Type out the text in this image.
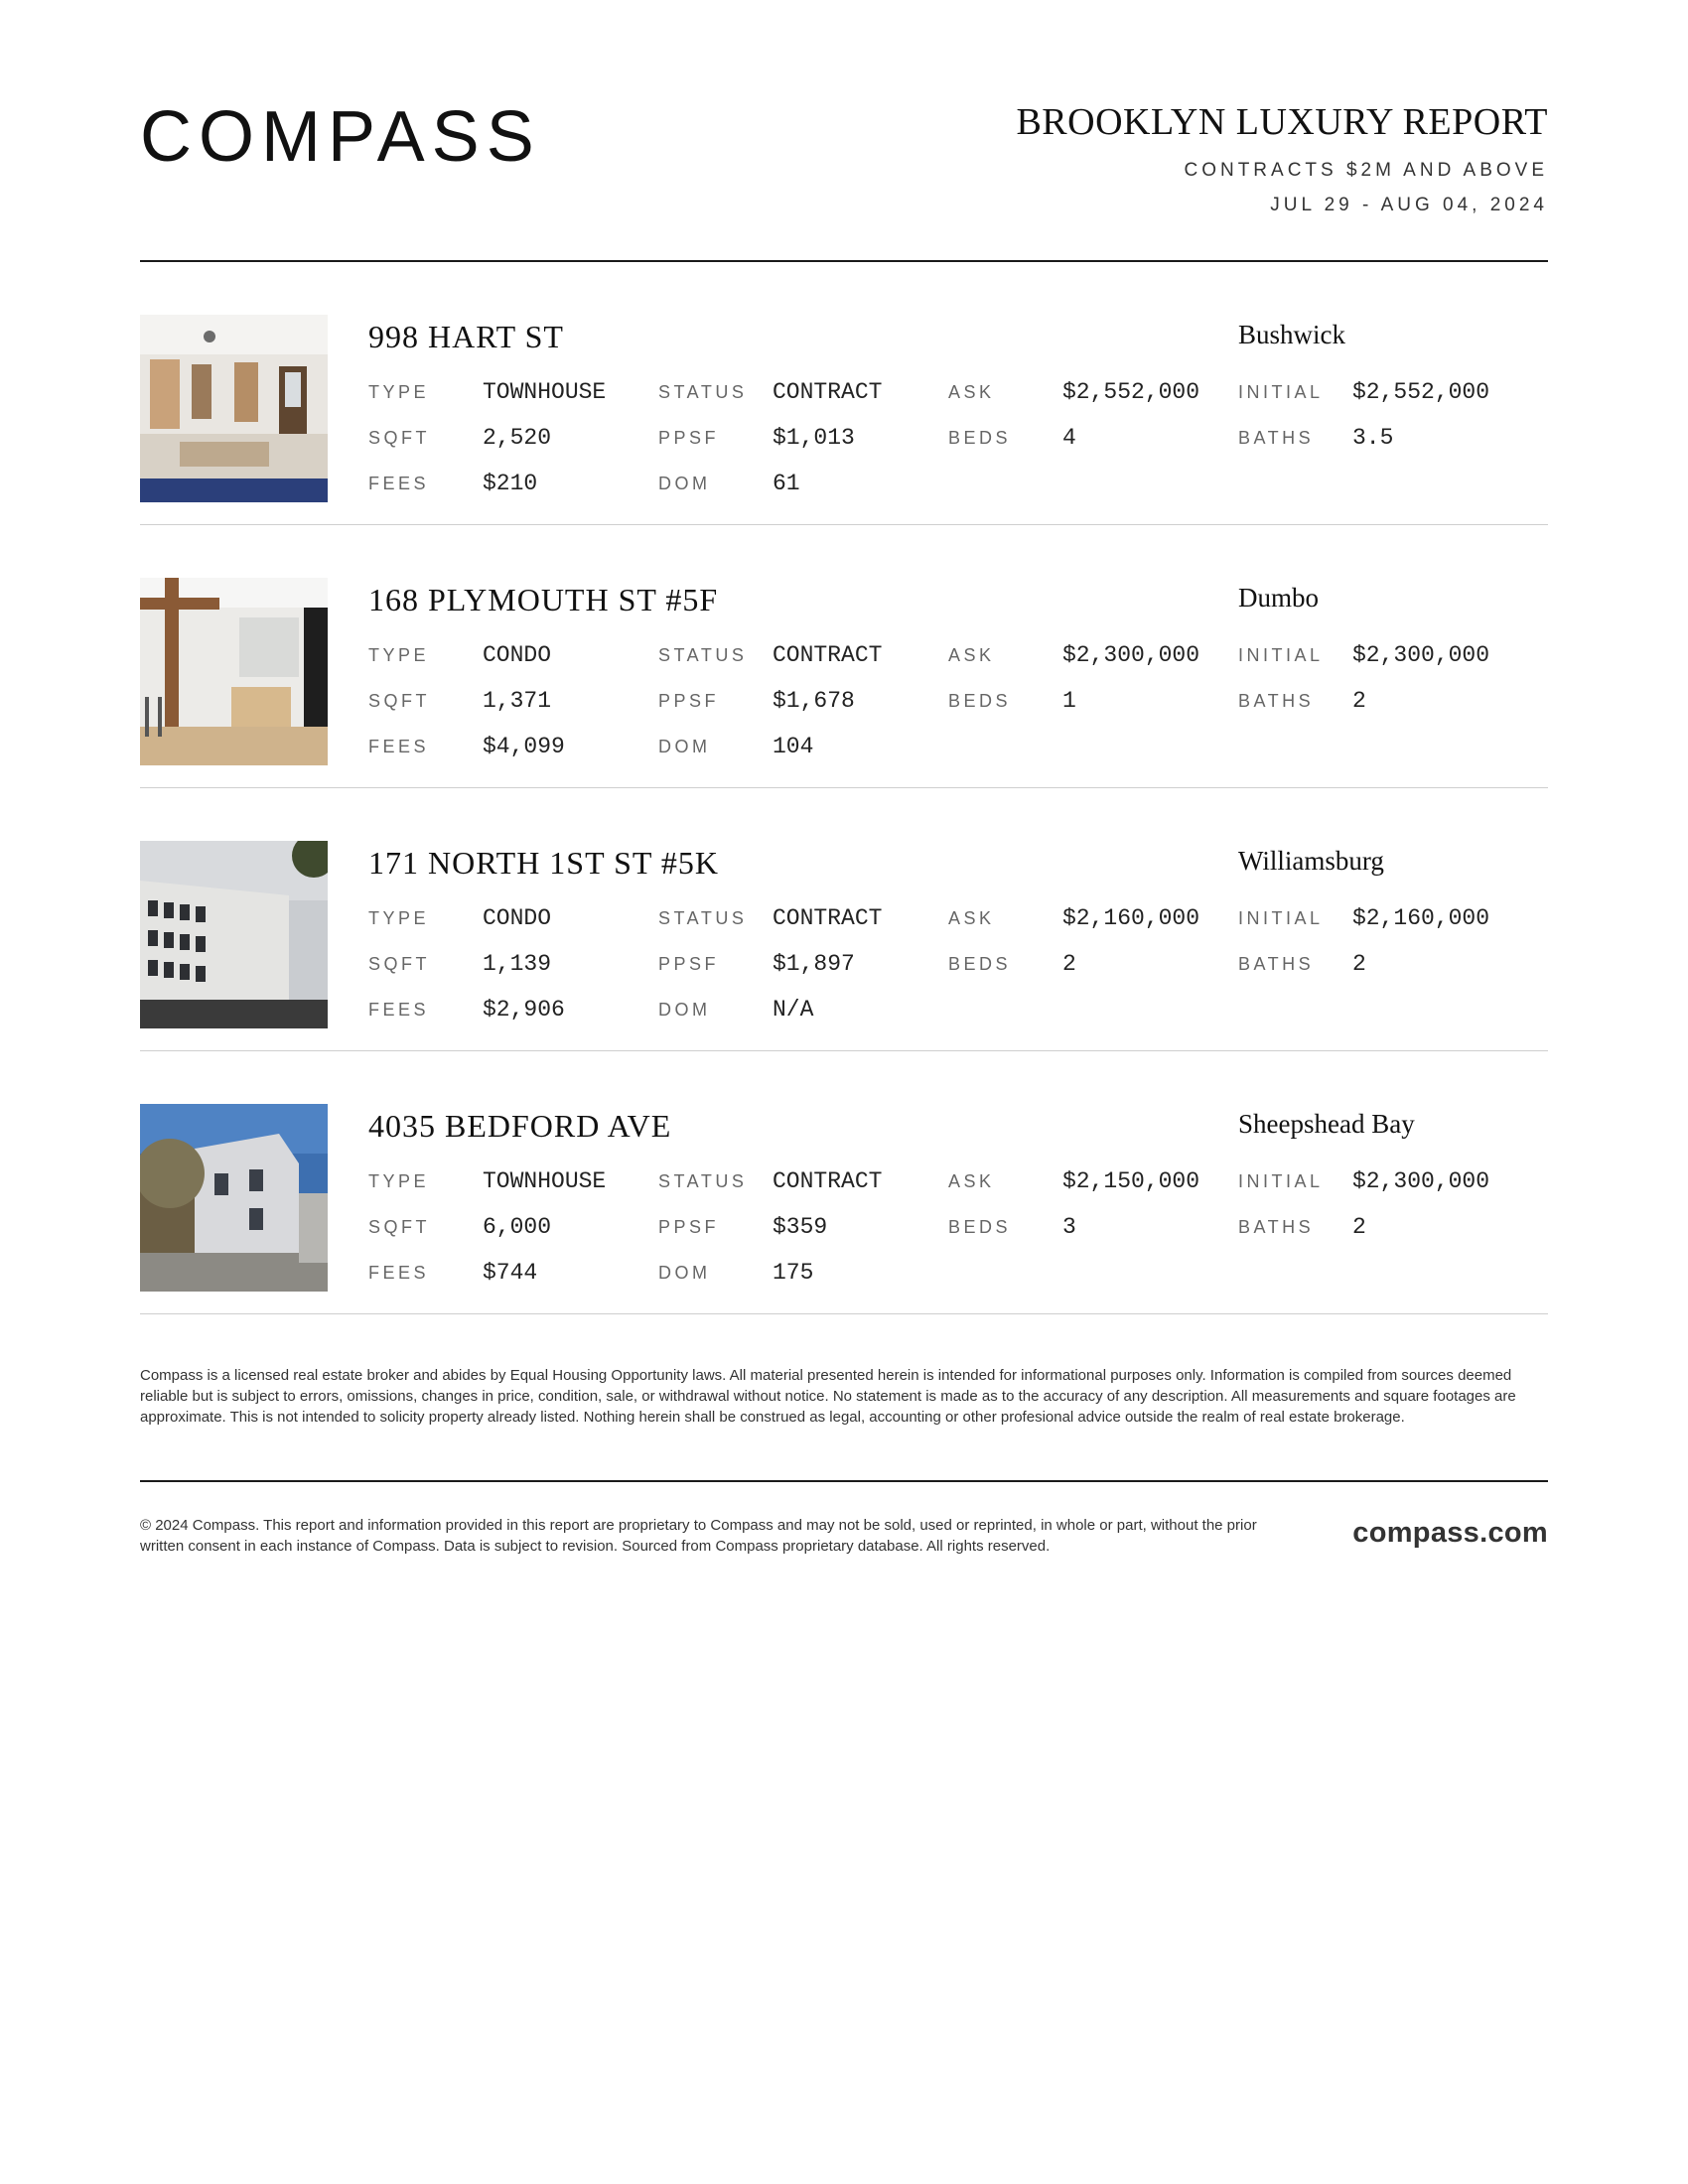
COMPASS	BROOKLYN LUXURY REPORT
CONTRACTS $2M AND ABOVE
JUL 29 - AUG 04, 2024
998 HART ST	Bushwick
TYPE TOWNHOUSE	STATUS CONTRACT	ASK	$2,552,000 INITIAL $2,552,000
SQFT 2,520	PPSF $1,013	BEDS 4	BATHS 3.5
FEES $210	DOM	61
168 PLYMOUTH ST #5F	Dumbo
TYPE CONDO	STATUS CONTRACT	ASK	$2,300,000 INITIAL $2,300,000
SQFT 1,371	PPSF $1,678	BEDS 1	BATHS 2
FEES $4,099	DOM	104
171 NORTH 1ST ST #5K	Williamsburg
TYPE CONDO	STATUS CONTRACT	ASK	$2,160,000 INITIAL $2,160,000
SQFT 1,139	PPSF $1,897	BEDS 2	BATHS 2
FEES $2,906	DOM	N/A
4035 BEDFORD AVE	Sheepshead Bay
TYPE TOWNHOUSE	STATUS CONTRACT	ASK	$2,150,000 INITIAL $2,300,000
SQFT 6,000	PPSF $359	BEDS 3	BATHS 2
FEES $744	DOM	175
Compass is a licensed real estate broker and abides by Equal Housing Opportunity laws. All material presented herein is intended for informational purposes only. Information is compiled from sources deemed reliable but is subject to errors, omissions, changes in price, condition, sale, or withdrawal without notice. No statement is made as to the accuracy of any description. All measurements and square footages are approximate. This is not intended to solicity property already listed. Nothing herein shall be construed as legal, accounting or other profesional advice outside the realm of real estate brokerage.
© 2024 Compass. This report and information provided in this report are proprietary to Compass and may not be sold, used or reprinted, in whole or part, without the prior written consent in each instance of Compass. Data is subject to revision. Sourced from Compass proprietary database. All rights reserved.	compass.com
